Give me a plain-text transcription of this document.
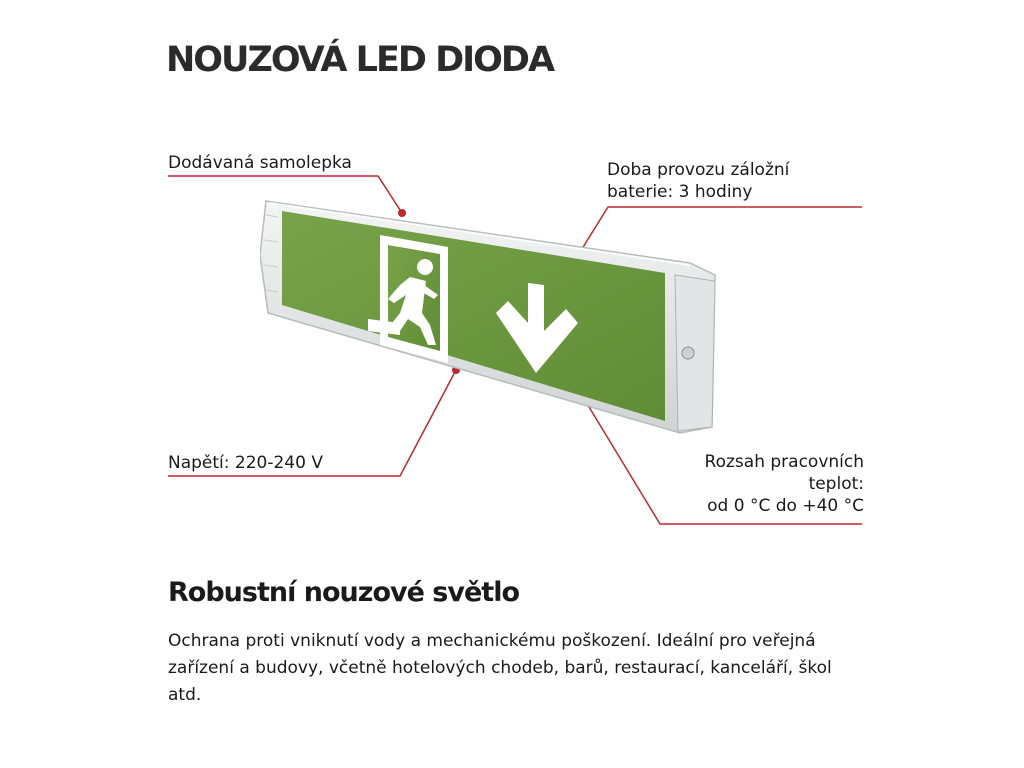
NOUZOVÁ LED DIODA
Dodávaná samolepka	Doba provozu záložní
baterie: 3 hodiny
Napětí: 220-240 V	Rozsah pracovních
teplot:
od 0 °C do +40 °C
Robustní nouzové světlo
Ochrana proti vniknutí vody a mechanickému poškození. Ideální pro veřejná zařízení a budovy, včetně hotelových chodeb, barů, restaurací, kanceláří, škol atd.
